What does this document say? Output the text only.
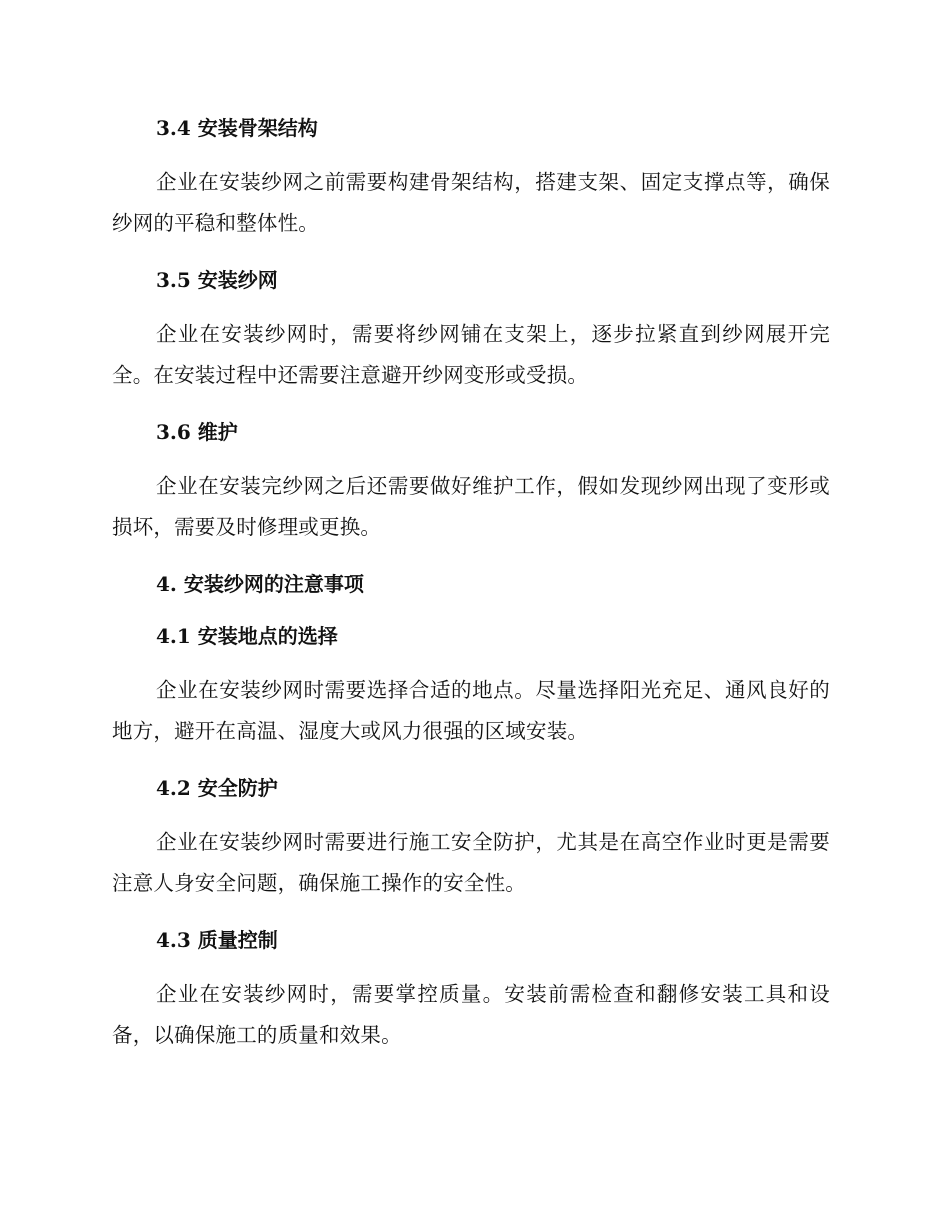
3.4 安装骨架结构
企业在安装纱网之前需要构建骨架结构，搭建支架、固定支撑点等，确保纱网的平稳和整体性。
3.5 安装纱网
企业在安装纱网时，需要将纱网铺在支架上，逐步拉紧直到纱网展开完全。在安装过程中还需要注意避开纱网变形或受损。
3.6 维护
企业在安装完纱网之后还需要做好维护工作，假如发现纱网出现了变形或损坏，需要及时修理或更换。
4. 安装纱网的注意事项
4.1 安装地点的选择
企业在安装纱网时需要选择合适的地点。尽量选择阳光充足、通风良好的地方，避开在高温、湿度大或风力很强的区域安装。
4.2 安全防护
企业在安装纱网时需要进行施工安全防护，尤其是在高空作业时更是需要注意人身安全问题，确保施工操作的安全性。
4.3 质量控制
企业在安装纱网时，需要掌控质量。安装前需检查和翻修安装工具和设备，以确保施工的质量和效果。
